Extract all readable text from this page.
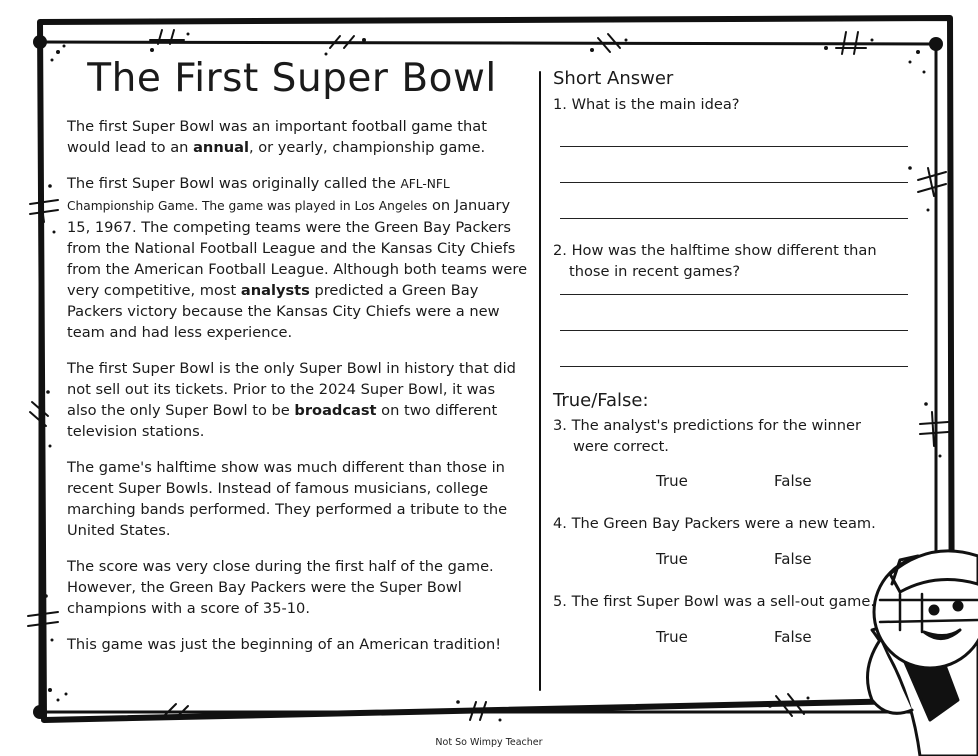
The First Super Bowl

The first Super Bowl was an important football game that would lead to an annual, or yearly, championship game.

The first Super Bowl was originally called the AFL-NFL Championship Game. The game was played in Los Angeles on January 15, 1967. The competing teams were the Green Bay Packers from the National Football League and the Kansas City Chiefs from the American Football League. Although both teams were very competitive, most analysts predicted a Green Bay Packers victory because the Kansas City Chiefs were a new team and had less experience.

The first Super Bowl is the only Super Bowl in history that did not sell out its tickets. Prior to the 2024 Super Bowl, it was also the only Super Bowl to be broadcast on two different television stations.

The game's halftime show was much different than those in recent Super Bowls. Instead of famous musicians, college marching bands performed. They performed a tribute to the United States.

The score was very close during the first half of the game. However, the Green Bay Packers were the Super Bowl champions with a score of 35-10.

This game was just the beginning of an American tradition!

Short Answer
1. What is the main idea?
2. How was the halftime show different than
those in recent games?
True/False:
3. The analyst's predictions for the winner
were correct.
True	False
4. The Green Bay Packers were a new team.
True	False
5. The first Super Bowl was a sell-out game.
True	False
Not So Wimpy Teacher
